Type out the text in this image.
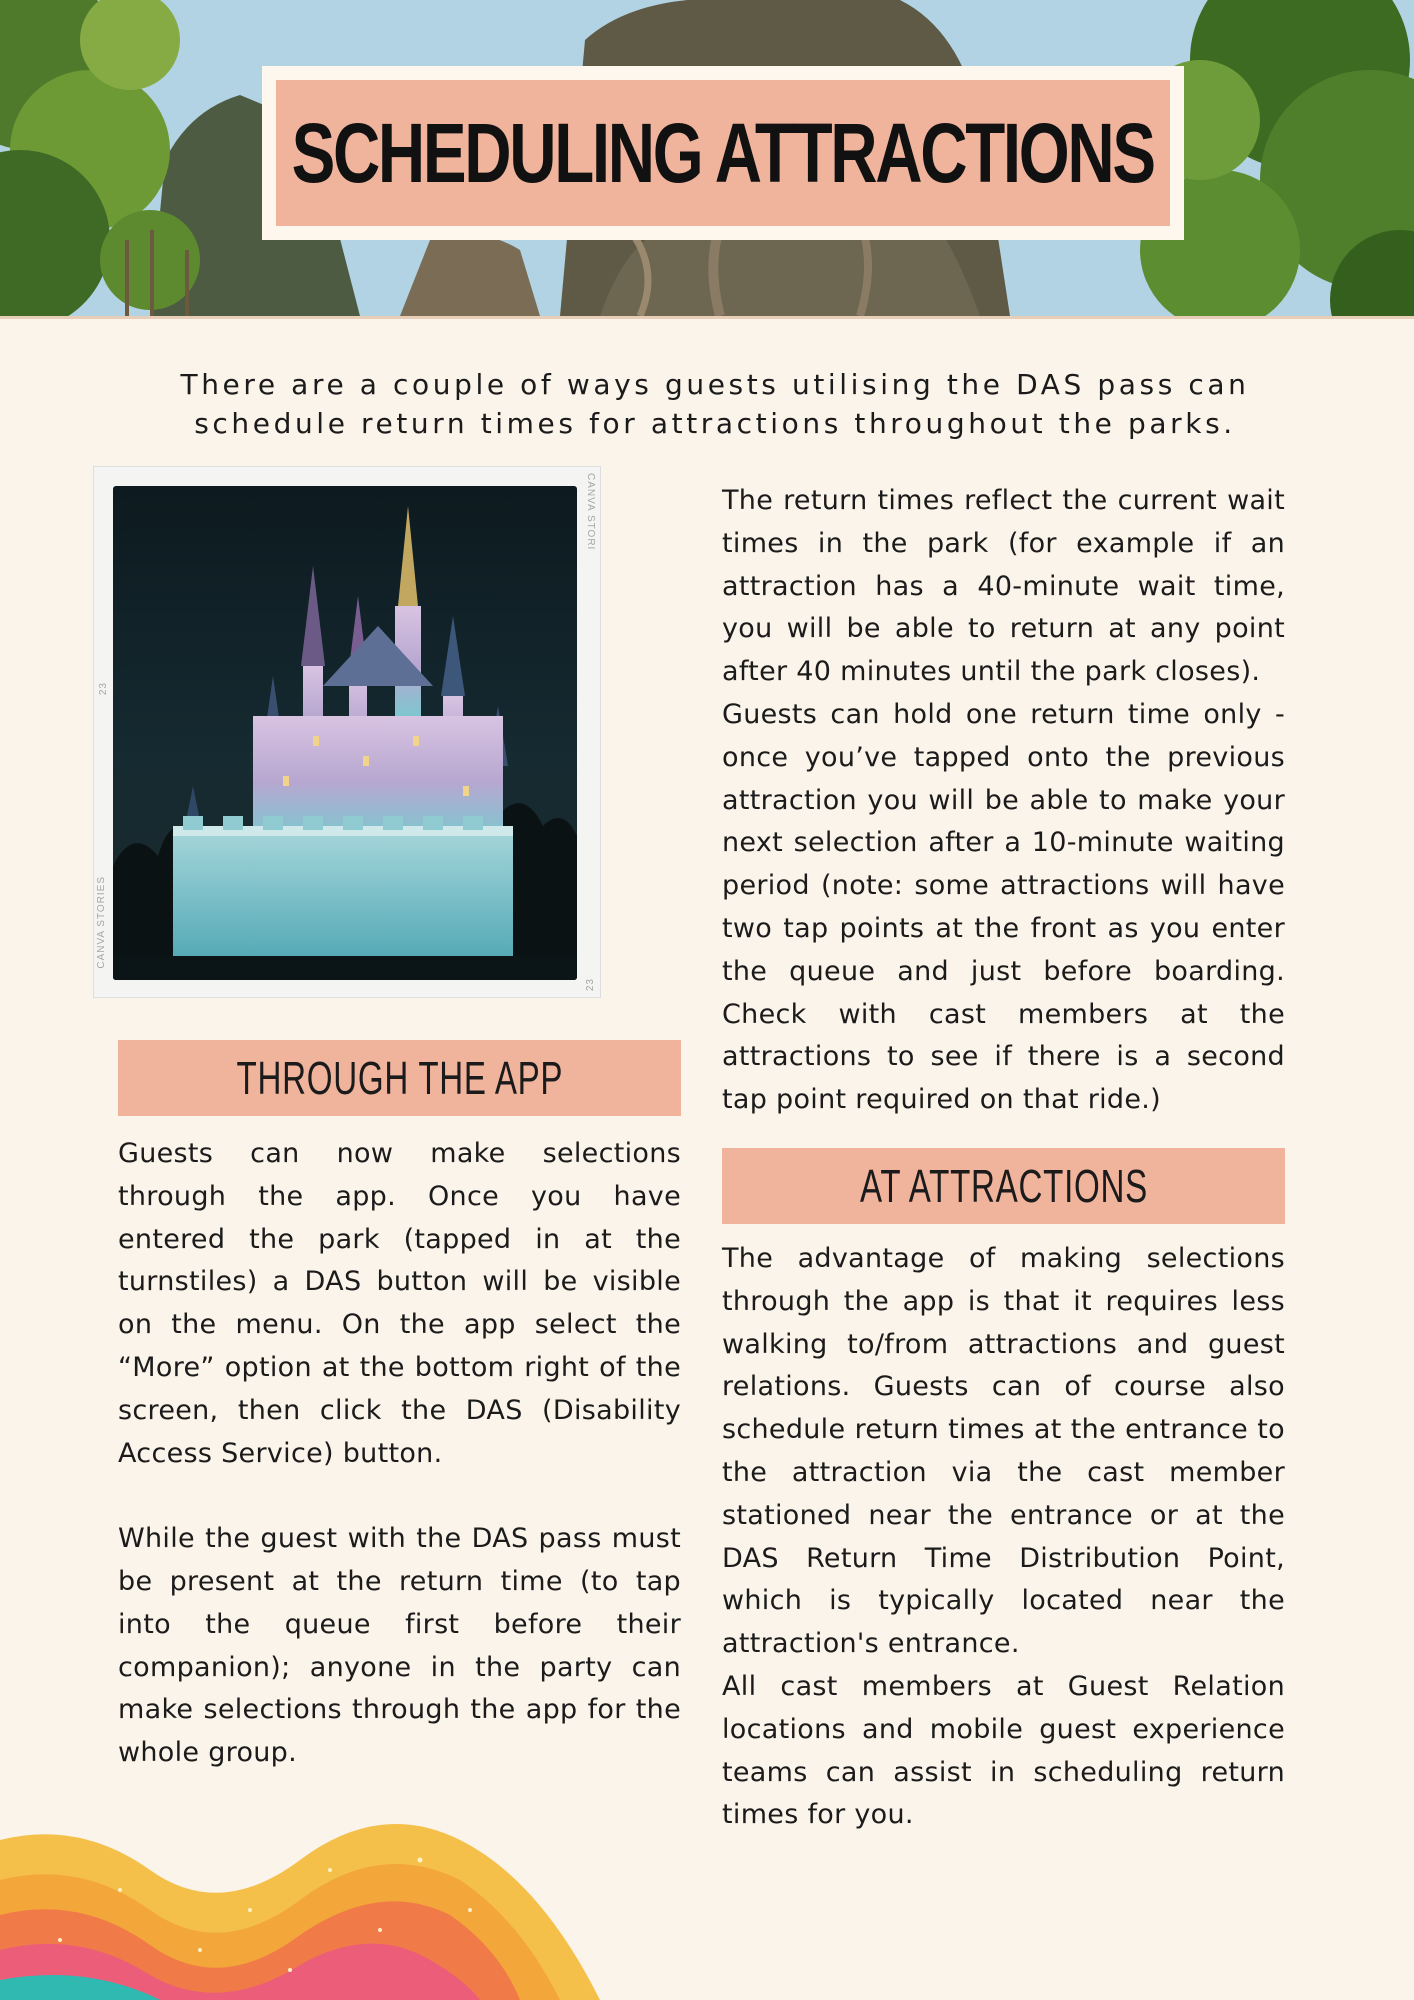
SCHEDULING ATTRACTIONS
There are a couple of ways guests utilising the DAS pass can schedule return times for attractions throughout the parks.
CANVA STORI
CANVA STORIES
23
23
THROUGH THE APP

Guests can now make selections through the app. Once you have entered the park (tapped in at the turnstiles) a DAS button will be visible on the menu. On the app select the “More” option at the bottom right of the screen, then click the DAS (Disability Access Service) button.

While the guest with the DAS pass must be present at the return time (to tap into the queue first before their companion); anyone in the party can make selections through the app for the whole group.

The return times reflect the current wait times in the park (for example if an attraction has a 40-minute wait time, you will be able to return at any point after 40 minutes until the park closes).

Guests can hold one return time only - once you’ve tapped onto the previous attraction you will be able to make your next selection after a 10-minute waiting period (note: some attractions will have two tap points at the front as you enter the queue and just before boarding. Check with cast members at the attractions to see if there is a second tap point required on that ride.)

AT ATTRACTIONS

The advantage of making selections through the app is that it requires less walking to/from attractions and guest relations. Guests can of course also schedule return times at the entrance to the attraction via the cast member stationed near the entrance or at the DAS Return Time Distribution Point, which is typically located near the attraction's entrance.

All cast members at Guest Relation locations and mobile guest experience teams can assist in scheduling return times for you.
